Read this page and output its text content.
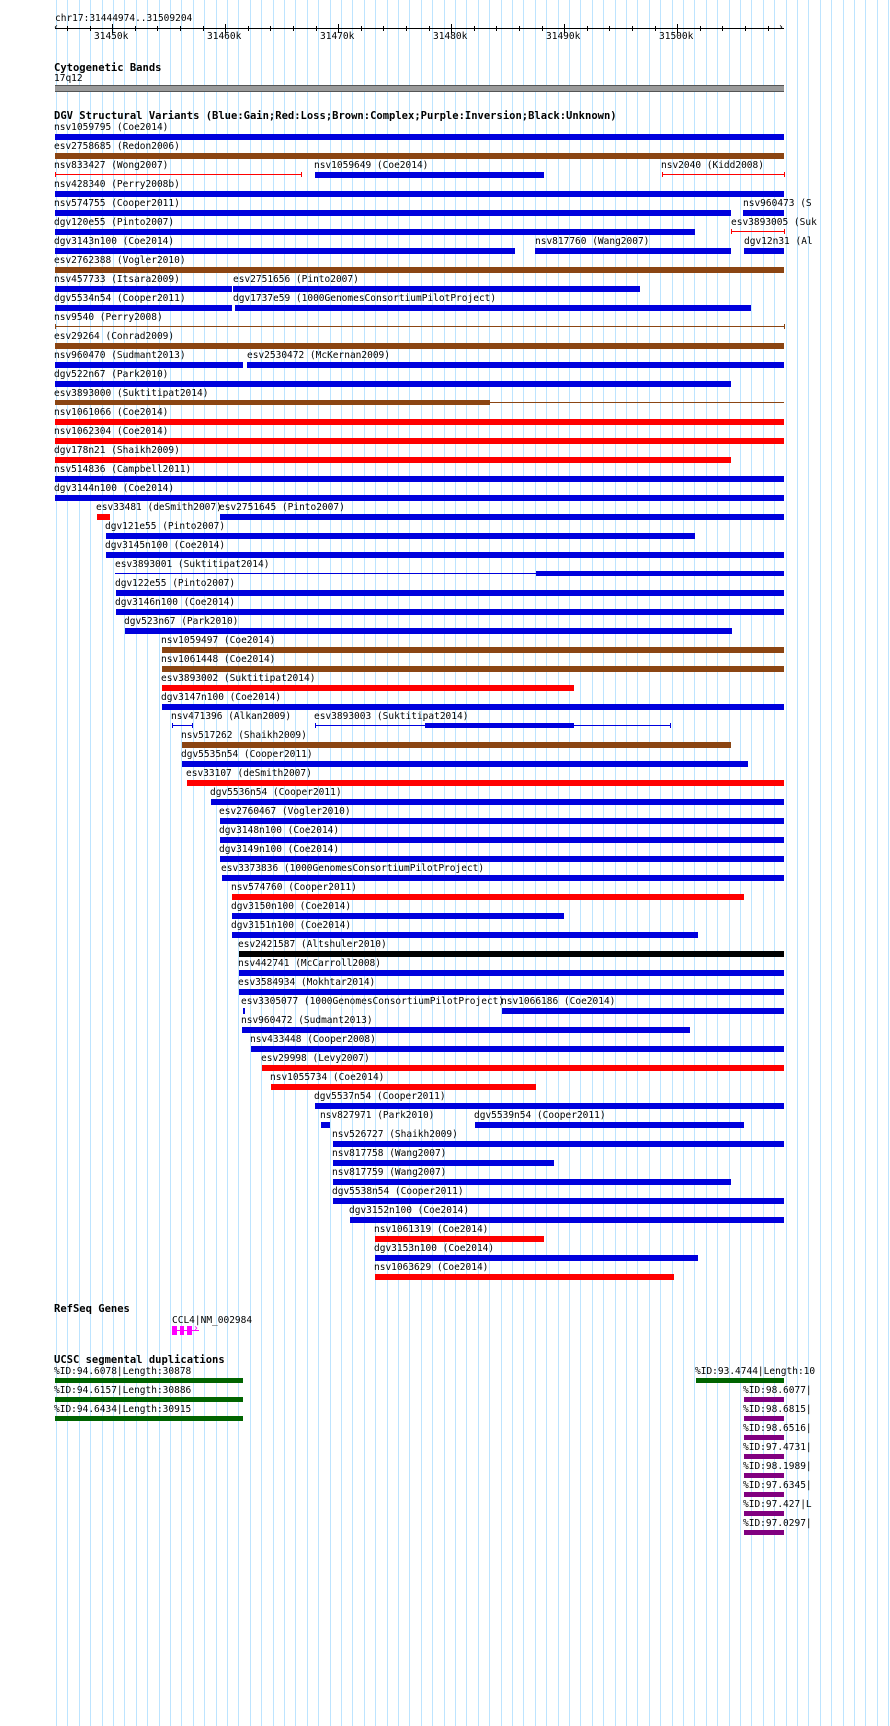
chr17:31444974..31509204
‹	›
31450k	31460k	31470k	31480k	31490k	31500k
Cytogenetic Bands
17q12
DGV Structural Variants (Blue:Gain;Red:Loss;Brown:Complex;Purple:Inversion;Black:Unknown)
nsv1059795 (Coe2014)
esv2758685 (Redon2006)
nsv833427 (Wong2007)	nsv1059649 (Coe2014)	nsv2040 (Kidd2008)
nsv428340 (Perry2008b)
nsv574755 (Cooper2011)	nsv960473 (S
dgv120e55 (Pinto2007)	esv3893005 (Suk
dgv3143n100 (Coe2014)	nsv817760 (Wang2007)	dgv12n31 (Al
esv2762388 (Vogler2010)
nsv457733 (Itsara2009)	esv2751656 (Pinto2007)
dgv5534n54 (Cooper2011)	dgv1737e59 (1000GenomesConsortiumPilotProject)
nsv9540 (Perry2008)
esv29264 (Conrad2009)
nsv960470 (Sudmant2013)	esv2530472 (McKernan2009)
dgv522n67 (Park2010)
esv3893000 (Suktitipat2014)
nsv1061066 (Coe2014)
nsv1062304 (Coe2014)
dgv178n21 (Shaikh2009)
nsv514836 (Campbell2011)
dgv3144n100 (Coe2014)
esv33481 (deSmith2007)
esv2751645 (Pinto2007)
dgv121e55 (Pinto2007)
dgv3145n100 (Coe2014)
esv3893001 (Suktitipat2014)
dgv122e55 (Pinto2007)
dgv3146n100 (Coe2014)
dgv523n67 (Park2010)
nsv1059497 (Coe2014)
nsv1061448 (Coe2014)
esv3893002 (Suktitipat2014)
dgv3147n100 (Coe2014)
nsv471396 (Alkan2009) esv3893003 (Suktitipat2014)
nsv517262 (Shaikh2009)
dgv5535n54 (Cooper2011)
esv33107 (deSmith2007)
dgv5536n54 (Cooper2011)
esv2760467 (Vogler2010)
dgv3148n100 (Coe2014)
dgv3149n100 (Coe2014)
esv3373836 (1000GenomesConsortiumPilotProject)
nsv574760 (Cooper2011)
dgv3150n100 (Coe2014)
dgv3151n100 (Coe2014)
esv2421587 (Altshuler2010)
nsv442741 (McCarroll2008)
esv3584934 (Mokhtar2014)
esv3305077 (1000GenomesConsortiumPilotProject)
nsv1066186 (Coe2014)
nsv960472 (Sudmant2013)
nsv433448 (Cooper2008)
esv29998 (Levy2007)
nsv1055734 (Coe2014)
dgv5537n54 (Cooper2011)
nsv827971 (Park2010)	dgv5539n54 (Cooper2011)
nsv526727 (Shaikh2009)
nsv817758 (Wang2007)
nsv817759 (Wang2007)
dgv5538n54 (Cooper2011)
dgv3152n100 (Coe2014)
nsv1061319 (Coe2014)
dgv3153n100 (Coe2014)
nsv1063629 (Coe2014)
RefSeq Genes
CCL4|NM_002984
›
UCSC segmental duplications
%ID:94.6078|Length:30878
%ID:94.6157|Length:30886
%ID:94.6434|Length:30915
%ID:93.4744|Length:10
%ID:98.6077|
%ID:98.6815|
%ID:98.6516|
%ID:97.4731|
%ID:98.1989|
%ID:97.6345|
%ID:97.427|L
%ID:97.0297|
